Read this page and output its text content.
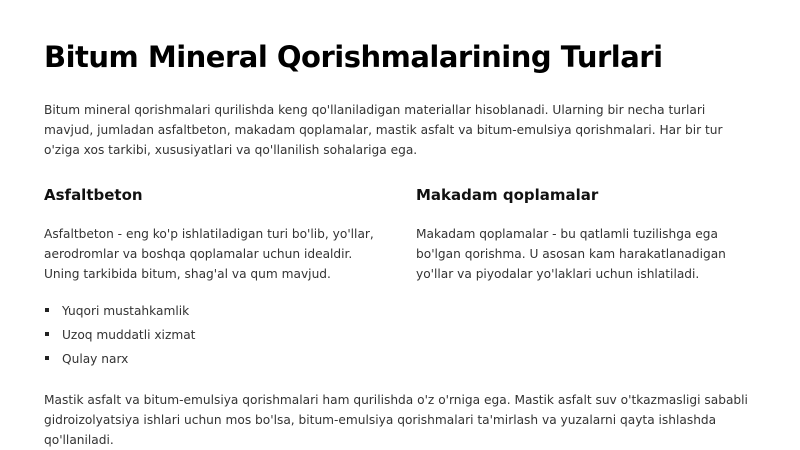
Bitum Mineral Qorishmalarining Turlari

Bitum mineral qorishmalari qurilishda keng qo'llaniladigan materiallar hisoblanadi. Ularning bir necha turlari mavjud, jumladan asfaltbeton, makadam qoplamalar, mastik asfalt va bitum-emulsiya qorishmalari. Har bir tur o'ziga xos tarkibi, xususiyatlari va qo'llanilish sohalariga ega.

Asfaltbeton

Asfaltbeton - eng ko'p ishlatiladigan turi bo'lib, yo'llar, aerodromlar va boshqa qoplamalar uchun idealdir. Uning tarkibida bitum, shag'al va qum mavjud.

Yuqori mustahkamlik
Uzoq muddatli xizmat
Qulay narx
Makadam qoplamalar

Makadam qoplamalar - bu qatlamli tuzilishga ega bo'lgan qorishma. U asosan kam harakatlanadigan yo'llar va piyodalar yo'laklari uchun ishlatiladi.

Mastik asfalt va bitum-emulsiya qorishmalari ham qurilishda o'z o'rniga ega. Mastik asfalt suv o'tkazmasligi sababli gidroizolyatsiya ishlari uchun mos bo'lsa, bitum-emulsiya qorishmalari ta'mirlash va yuzalarni qayta ishlashda qo'llaniladi.
